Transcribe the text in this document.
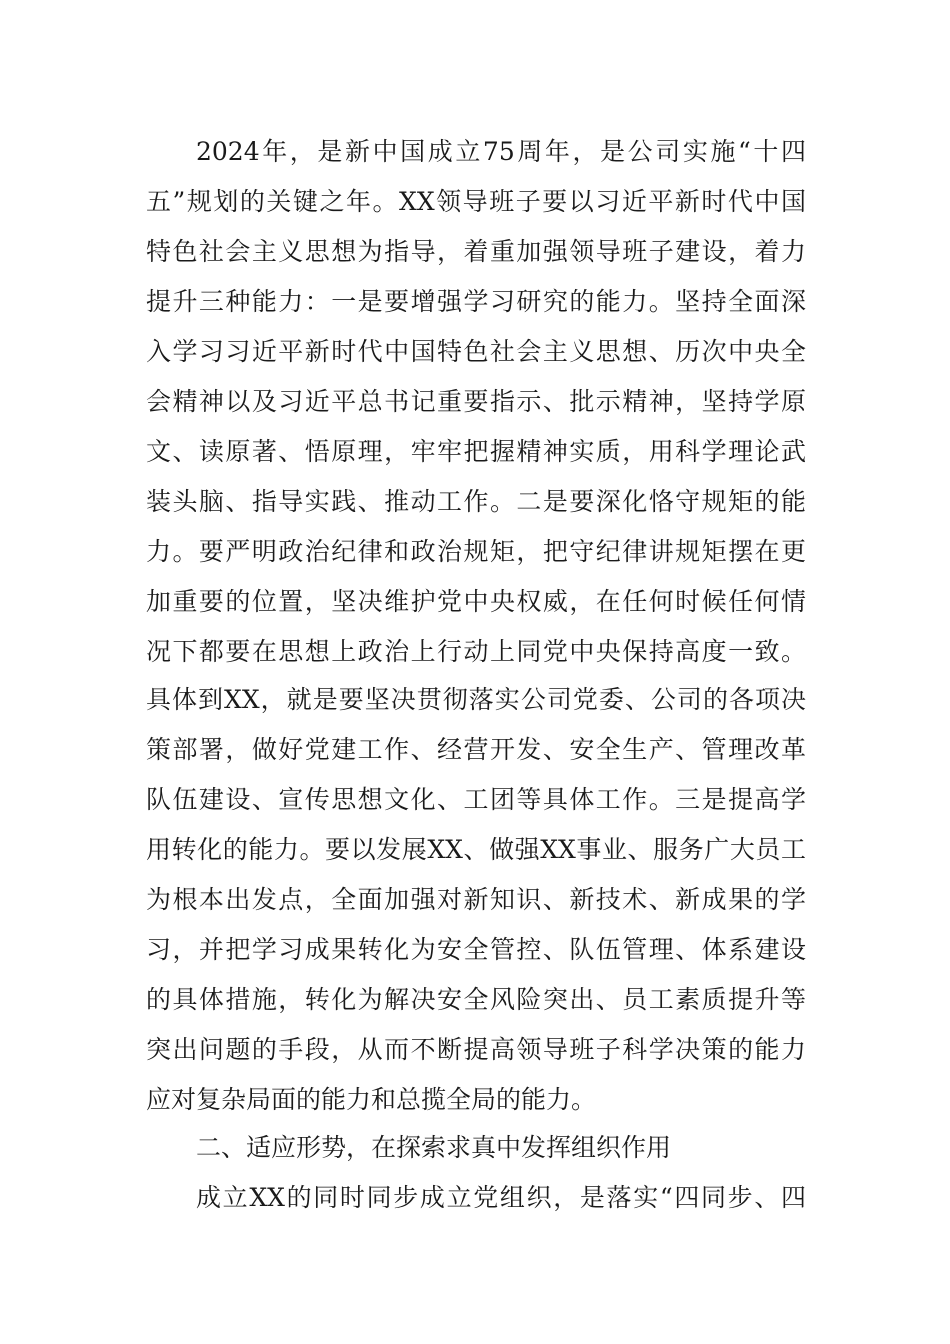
2024年，是新中国成立75周年，是公司实施“十四
五”规划的关键之年。XX领导班子要以习近平新时代中国
特色社会主义思想为指导，着重加强领导班子建设，着力
提升三种能力：一是要增强学习研究的能力。坚持全面深
入学习习近平新时代中国特色社会主义思想、历次中央全
会精神以及习近平总书记重要指示、批示精神，坚持学原
文、读原著、悟原理，牢牢把握精神实质，用科学理论武
装头脑、指导实践、推动工作。二是要深化恪守规矩的能
力。要严明政治纪律和政治规矩，把守纪律讲规矩摆在更
加重要的位置，坚决维护党中央权威，在任何时候任何情
况下都要在思想上政治上行动上同党中央保持高度一致。
具体到XX，就是要坚决贯彻落实公司党委、公司的各项决
策部署，做好党建工作、经营开发、安全生产、管理改革
队伍建设、宣传思想文化、工团等具体工作。三是提高学
用转化的能力。要以发展XX、做强XX事业、服务广大员工
为根本出发点，全面加强对新知识、新技术、新成果的学
习，并把学习成果转化为安全管控、队伍管理、体系建设
的具体措施，转化为解决安全风险突出、员工素质提升等
突出问题的手段，从而不断提高领导班子科学决策的能力
应对复杂局面的能力和总揽全局的能力。
二、适应形势，在探索求真中发挥组织作用
成立XX的同时同步成立党组织，是落实“四同步、四
